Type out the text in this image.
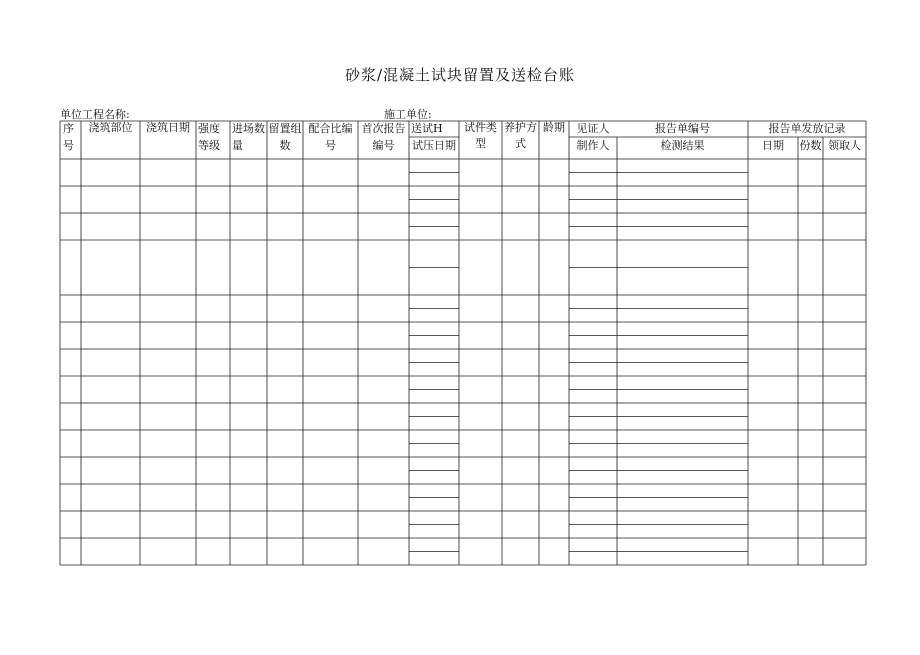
砂浆/混凝土试块留置及送检台账
单位工程名称:	施工单位:
序
号
浇筑部位 浇筑日期 强度
等级
进场数
量
留置组
数
配合比编
号
首次报告
编号
送试H
试压日期
试件类
型
养护方
式
龄期 见证人
制作人
报告单编号
检测结果
报告单发放记录
日期 份数 领取人
